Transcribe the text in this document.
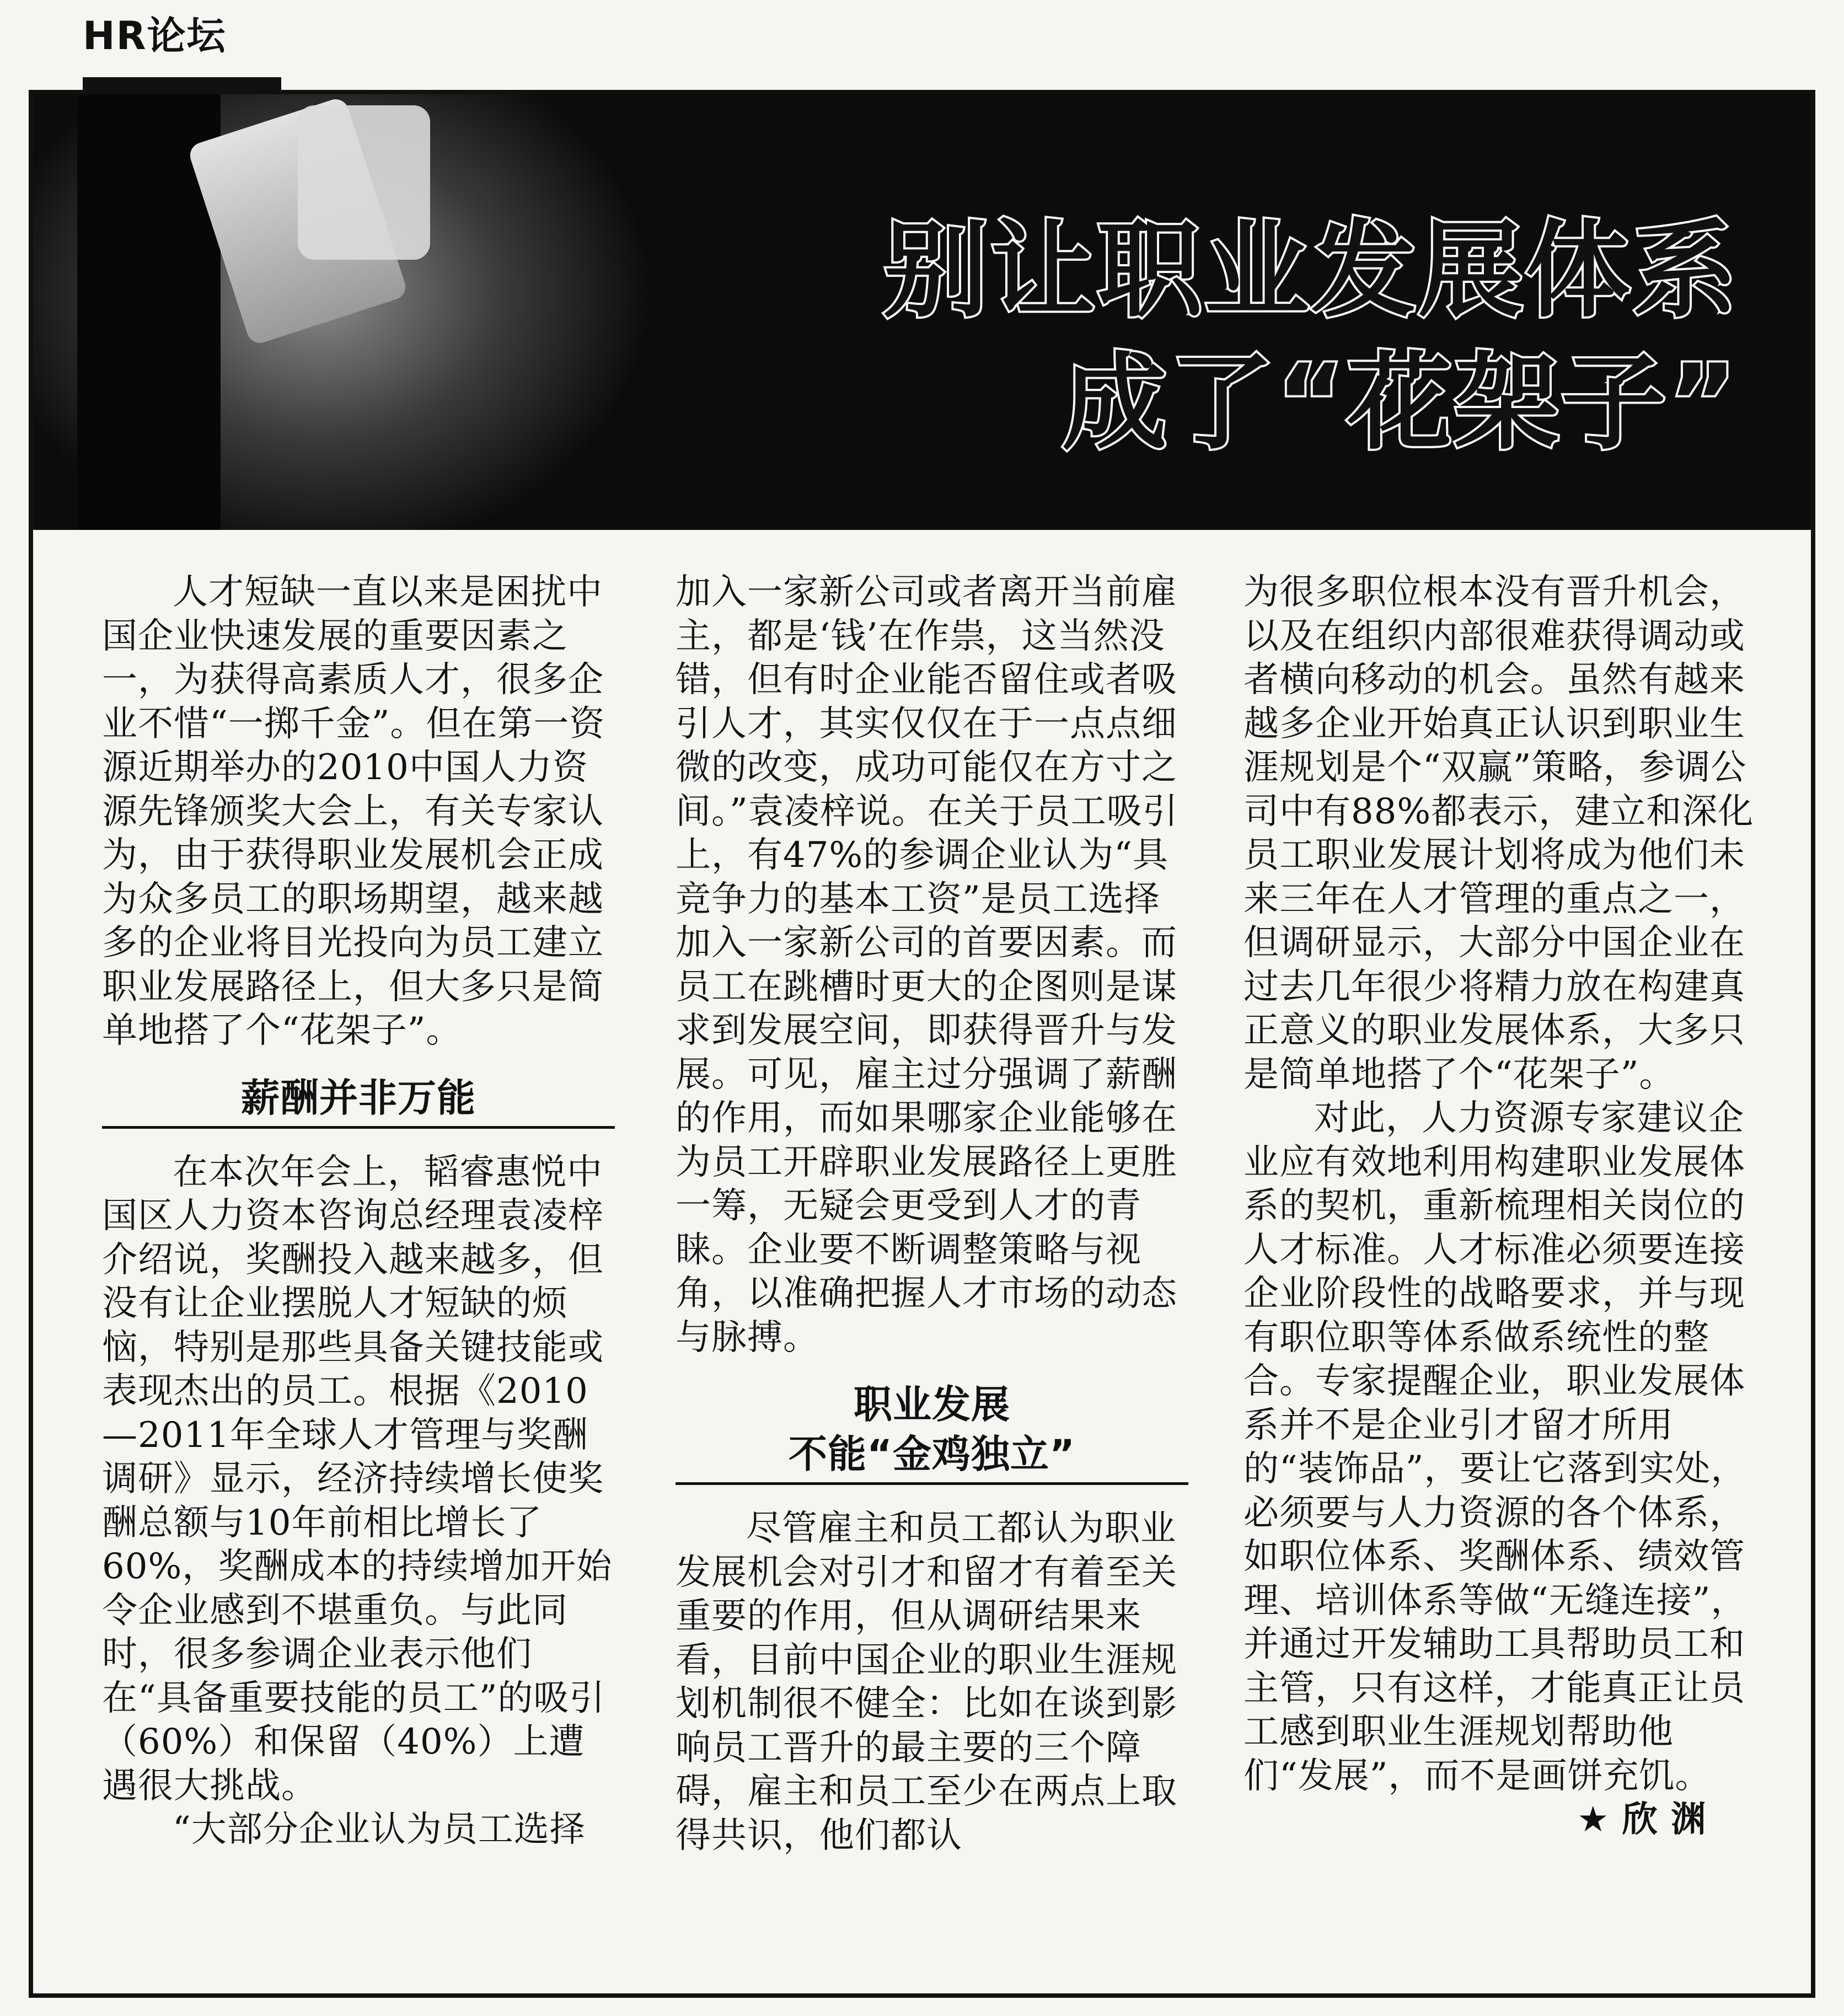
HR论坛
别让职业发展体系
成了“花架子”

人才短缺一直以来是困扰中国企业快速发展的重要因素之一，为获得高素质人才，很多企业不惜“一掷千金”。但在第一资源近期举办的2010中国人力资源先锋颁奖大会上，有关专家认为，由于获得职业发展机会正成为众多员工的职场期望，越来越多的企业将目光投向为员工建立职业发展路径上，但大多只是简单地搭了个“花架子”。

薪酬并非万能

在本次年会上，韬睿惠悦中国区人力资本咨询总经理袁凌梓介绍说，奖酬投入越来越多，但没有让企业摆脱人才短缺的烦恼，特别是那些具备关键技能或表现杰出的员工。根据《2010—2011年全球人才管理与奖酬调研》显示，经济持续增长使奖酬总额与10年前相比增长了60%，奖酬成本的持续增加开始令企业感到不堪重负。与此同时，很多参调企业表示他们在“具备重要技能的员工”的吸引（60%）和保留（40%）上遭遇很大挑战。

“大部分企业认为员工选择

加入一家新公司或者离开当前雇主，都是‘钱’在作祟，这当然没错，但有时企业能否留住或者吸引人才，其实仅仅在于一点点细微的改变，成功可能仅在方寸之间。”袁凌梓说。在关于员工吸引上，有47%的参调企业认为“具竞争力的基本工资”是员工选择加入一家新公司的首要因素。而员工在跳槽时更大的企图则是谋求到发展空间，即获得晋升与发展。可见，雇主过分强调了薪酬的作用，而如果哪家企业能够在为员工开辟职业发展路径上更胜一筹，无疑会更受到人才的青睐。企业要不断调整策略与视角，以准确把握人才市场的动态与脉搏。

职业发展
不能“金鸡独立”

尽管雇主和员工都认为职业发展机会对引才和留才有着至关重要的作用，但从调研结果来看，目前中国企业的职业生涯规划机制很不健全：比如在谈到影响员工晋升的最主要的三个障碍，雇主和员工至少在两点上取得共识，他们都认

为很多职位根本没有晋升机会，以及在组织内部很难获得调动或者横向移动的机会。虽然有越来越多企业开始真正认识到职业生涯规划是个“双赢”策略，参调公司中有88%都表示，建立和深化员工职业发展计划将成为他们未来三年在人才管理的重点之一，但调研显示，大部分中国企业在过去几年很少将精力放在构建真正意义的职业发展体系，大多只是简单地搭了个“花架子”。

对此，人力资源专家建议企业应有效地利用构建职业发展体系的契机，重新梳理相关岗位的人才标准。人才标准必须要连接企业阶段性的战略要求，并与现有职位职等体系做系统性的整合。专家提醒企业，职业发展体系并不是企业引才留才所用的“装饰品”，要让它落到实处，必须要与人力资源的各个体系，如职位体系、奖酬体系、绩效管理、培训体系等做“无缝连接”，并通过开发辅助工具帮助员工和主管，只有这样，才能真正让员工感到职业生涯规划帮助他们“发展”，而不是画饼充饥。

★ 欣 渊
